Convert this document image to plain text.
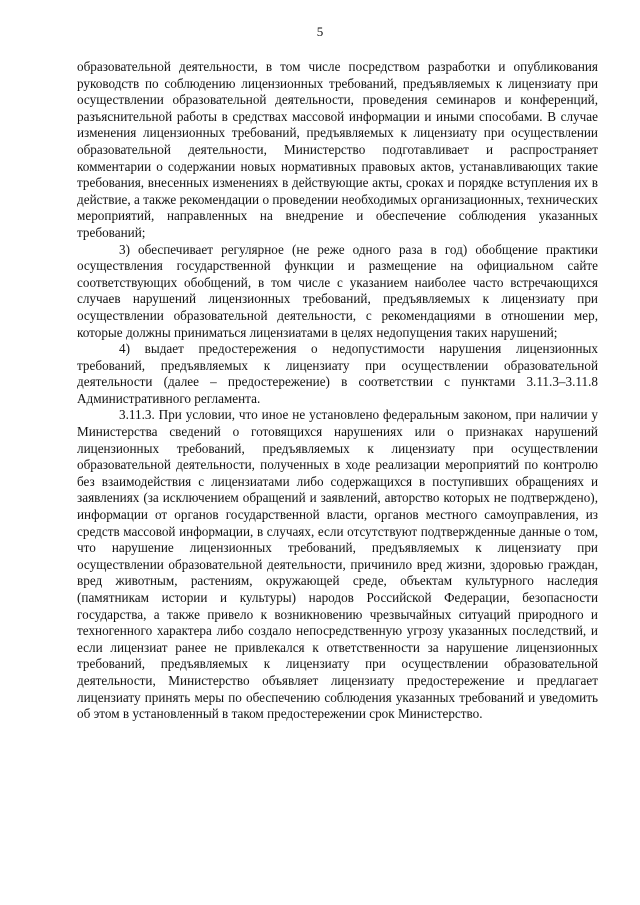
5

образовательной деятельности, в том числе посредством разработки и опубликования руководств по соблюдению лицензионных требований, предъявляемых к лицензиату при осуществлении образовательной деятельности, проведения семинаров и конференций, разъяснительной работы в средствах массовой информации и иными способами. В случае изменения лицензионных требований, предъявляемых к лицензиату при осуществлении образовательной деятельности, Министерство подготавливает и распространяет комментарии о содержании новых нормативных правовых актов, устанавливающих такие требования, внесенных изменениях в действующие акты, сроках и порядке вступления их в действие, а также рекомендации о проведении необходимых организационных, технических мероприятий, направленных на внедрение и обеспечение соблюдения указанных требований;

3) обеспечивает регулярное (не реже одного раза в год) обобщение практики осуществления государственной функции и размещение на официальном сайте соответствующих обобщений, в том числе с указанием наиболее часто встречающихся случаев нарушений лицензионных требований, предъявляемых к лицензиату при осуществлении образовательной деятельности, с рекомендациями в отношении мер, которые должны приниматься лицензиатами в целях недопущения таких нарушений;

4) выдает предостережения о недопустимости нарушения лицензионных требований, предъявляемых к лицензиату при осуществлении образовательной деятельности (далее – предостережение) в соответствии с пунктами 3.11.3–3.11.8 Административного регламента.

3.11.3. При условии, что иное не установлено федеральным законом, при наличии у Министерства сведений о готовящихся нарушениях или о признаках нарушений лицензионных требований, предъявляемых к лицензиату при осуществлении образовательной деятельности, полученных в ходе реализации мероприятий по контролю без взаимодействия с лицензиатами либо содержащихся в поступивших обращениях и заявлениях (за исключением обращений и заявлений, авторство которых не подтверждено), информации от органов государственной власти, органов местного самоуправления, из средств массовой информации, в случаях, если отсутствуют подтвержденные данные о том, что нарушение лицензионных требований, предъявляемых к лицензиату при осуществлении образовательной деятельности, причинило вред жизни, здоровью граждан, вред животным, растениям, окружающей среде, объектам культурного наследия (памятникам истории и культуры) народов Российской Федерации, безопасности государства, а также привело к возникновению чрезвычайных ситуаций природного и техногенного характера либо создало непосредственную угрозу указанных последствий, и если лицензиат ранее не привлекался к ответственности за нарушение лицензионных требований, предъявляемых к лицензиату при осуществлении образовательной деятельности, Министерство объявляет лицензиату предостережение и предлагает лицензиату принять меры по обеспечению соблюдения указанных требований и уведомить об этом в установленный в таком предостережении срок Министерство.
